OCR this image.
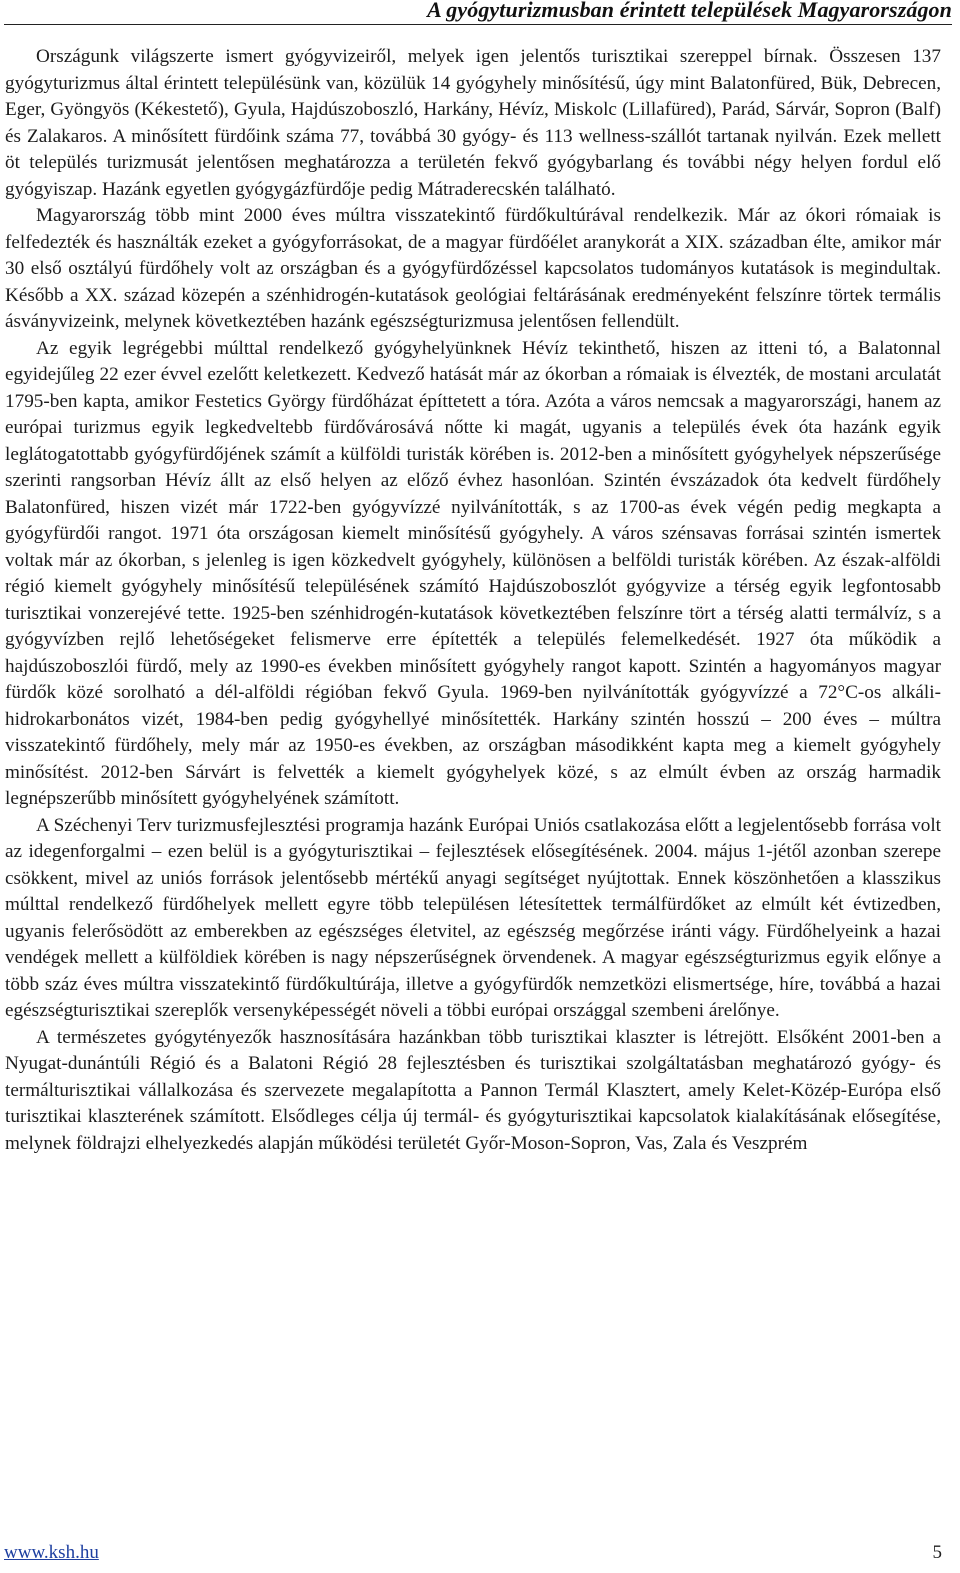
A gyógyturizmusban érintett települések Magyarországon

Országunk világszerte ismert gyógyvizeiről, melyek igen jelentős turisztikai szereppel bírnak. Összesen 137 gyógyturizmus által érintett településünk van, közülük 14 gyógyhely minősítésű, úgy mint Balatonfüred, Bük, Debrecen, Eger, Gyöngyös (Kékestető), Gyula, Hajdúszoboszló, Harkány, Hévíz, Miskolc (Lillafüred), Parád, Sárvár, Sopron (Balf) és Zalakaros. A minősített fürdőink száma 77, továbbá 30 gyógy- és 113 wellness-szállót tartanak nyilván. Ezek mellett öt település turizmusát jelentősen meghatározza a területén fekvő gyógybarlang és további négy helyen fordul elő gyógyiszap. Hazánk egyetlen gyógygázfürdője pedig Mátraderecskén található.

Magyarország több mint 2000 éves múltra visszatekintő fürdőkultúrával rendelkezik. Már az ókori rómaiak is felfedezték és használták ezeket a gyógyforrásokat, de a magyar fürdőélet aranykorát a XIX. században élte, amikor már 30 első osztályú fürdőhely volt az országban és a gyógyfürdőzéssel kapcsolatos tudományos kutatások is megindultak. Később a XX. század közepén a szénhidrogén-kutatások geológiai feltárásának eredményeként felszínre törtek termális ásványvizeink, melynek következtében hazánk egészségturizmusa jelentősen fellendült.

Az egyik legrégebbi múlttal rendelkező gyógyhelyünknek Hévíz tekinthető, hiszen az itteni tó, a Balatonnal egyidejűleg 22 ezer évvel ezelőtt keletkezett. Kedvező hatását már az ókorban a rómaiak is élvezték, de mostani arculatát 1795-ben kapta, amikor Festetics György fürdőházat építtetett a tóra. Azóta a város nemcsak a magyarországi, hanem az európai turizmus egyik legkedveltebb fürdővárosává nőtte ki magát, ugyanis a település évek óta hazánk egyik leglátogatottabb gyógyfürdőjének számít a külföldi turisták körében is. 2012-ben a minősített gyógyhelyek népszerűsége szerinti rangsorban Hévíz állt az első helyen az előző évhez hasonlóan. Szintén évszázadok óta kedvelt fürdőhely Balatonfüred, hiszen vizét már 1722-ben gyógyvízzé nyilvánították, s az 1700-as évek végén pedig megkapta a gyógyfürdői rangot. 1971 óta országosan kiemelt minősítésű gyógyhely. A város szénsavas forrásai szintén ismertek voltak már az ókorban, s jelenleg is igen közkedvelt gyógyhely, különösen a belföldi turisták körében. Az észak-alföldi régió kiemelt gyógyhely minősítésű településének számító Hajdúszoboszlót gyógyvize a térség egyik legfontosabb turisztikai vonzerejévé tette. 1925-ben szénhidrogén-kutatások következtében felszínre tört a térség alatti termálvíz, s a gyógyvízben rejlő lehetőségeket felismerve erre építették a település felemelkedését. 1927 óta működik a hajdúszoboszlói fürdő, mely az 1990-es években minősített gyógyhely rangot kapott. Szintén a hagyományos magyar fürdők közé sorolható a dél-alföldi régióban fekvő Gyula. 1969-ben nyilvánították gyógyvízzé a 72°C-os alkáli-hidrokarbonátos vizét, 1984-ben pedig gyógyhellyé minősítették. Harkány szintén hosszú – 200 éves – múltra visszatekintő fürdőhely, mely már az 1950-es években, az országban másodikként kapta meg a kiemelt gyógyhely minősítést. 2012-ben Sárvárt is felvették a kiemelt gyógyhelyek közé, s az elmúlt évben az ország harmadik legnépszerűbb minősített gyógyhelyének számított.

A Széchenyi Terv turizmusfejlesztési programja hazánk Európai Uniós csatlakozása előtt a legjelentősebb forrása volt az idegenforgalmi – ezen belül is a gyógyturisztikai – fejlesztések elősegítésének. 2004. május 1-jétől azonban szerepe csökkent, mivel az uniós források jelentősebb mértékű anyagi segítséget nyújtottak. Ennek köszönhetően a klasszikus múlttal rendelkező fürdőhelyek mellett egyre több településen létesítettek termálfürdőket az elmúlt két évtizedben, ugyanis felerősödött az emberekben az egészséges életvitel, az egészség megőrzése iránti vágy. Fürdőhelyeink a hazai vendégek mellett a külföldiek körében is nagy népszerűségnek örvendenek. A magyar egészségturizmus egyik előnye a több száz éves múltra visszatekintő fürdőkultúrája, illetve a gyógyfürdők nemzetközi elismertsége, híre, továbbá a hazai egészségturisztikai szereplők versenyképességét növeli a többi európai országgal szembeni árelőnye.

A természetes gyógytényezők hasznosítására hazánkban több turisztikai klaszter is létrejött. Elsőként 2001-ben a Nyugat-dunántúli Régió és a Balatoni Régió 28 fejlesztésben és turisztikai szolgáltatásban meghatározó gyógy- és termálturisztikai vállalkozása és szervezete megalapította a Pannon Termál Klasztert, amely Kelet-Közép-Európa első turisztikai klaszterének számított. Elsődleges célja új termál- és gyógyturisztikai kapcsolatok kialakításának elősegítése, melynek földrajzi elhelyezkedés alapján működési területét Győr-Moson-Sopron, Vas, Zala és Veszprém

www.ksh.hu	5
